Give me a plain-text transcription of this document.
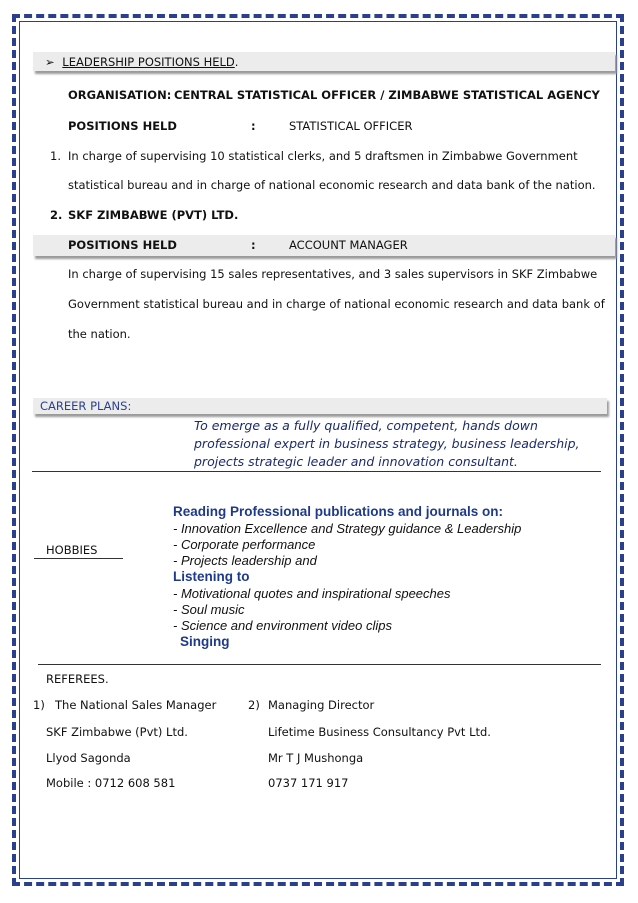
➢ LEADERSHIP POSITIONS HELD.
ORGANISATION: CENTRAL STATISTICAL OFFICER / ZIMBABWE STATISTICAL AGENCY
POSITIONS HELD	:	STATISTICAL OFFICER
1. In charge of supervising 10 statistical clerks, and 5 draftsmen in Zimbabwe Government
statistical bureau and in charge of national economic research and data bank of the nation.
2. SKF ZIMBABWE (PVT) LTD.
POSITIONS HELD	:	ACCOUNT MANAGER
In charge of supervising 15 sales representatives, and 3 sales supervisors in SKF Zimbabwe
Government statistical bureau and in charge of national economic research and data bank of
the nation.
CAREER PLANS:
To emerge as a fully qualified, competent, hands down
professional expert in business strategy, business leadership,
projects strategic leader and innovation consultant.
HOBBIES
Reading Professional publications and journals on:
- Innovation Excellence and Strategy guidance & Leadership
- Corporate performance
- Projects leadership and
Listening to
- Motivational quotes and inspirational speeches
- Soul music
- Science and environment video clips
Singing
REFEREES.
1) The National Sales Manager
SKF Zimbabwe (Pvt) Ltd.
Llyod Sagonda
Mobile : 0712 608 581
2) Managing Director
Lifetime Business Consultancy Pvt Ltd.
Mr T J Mushonga
0737 171 917
